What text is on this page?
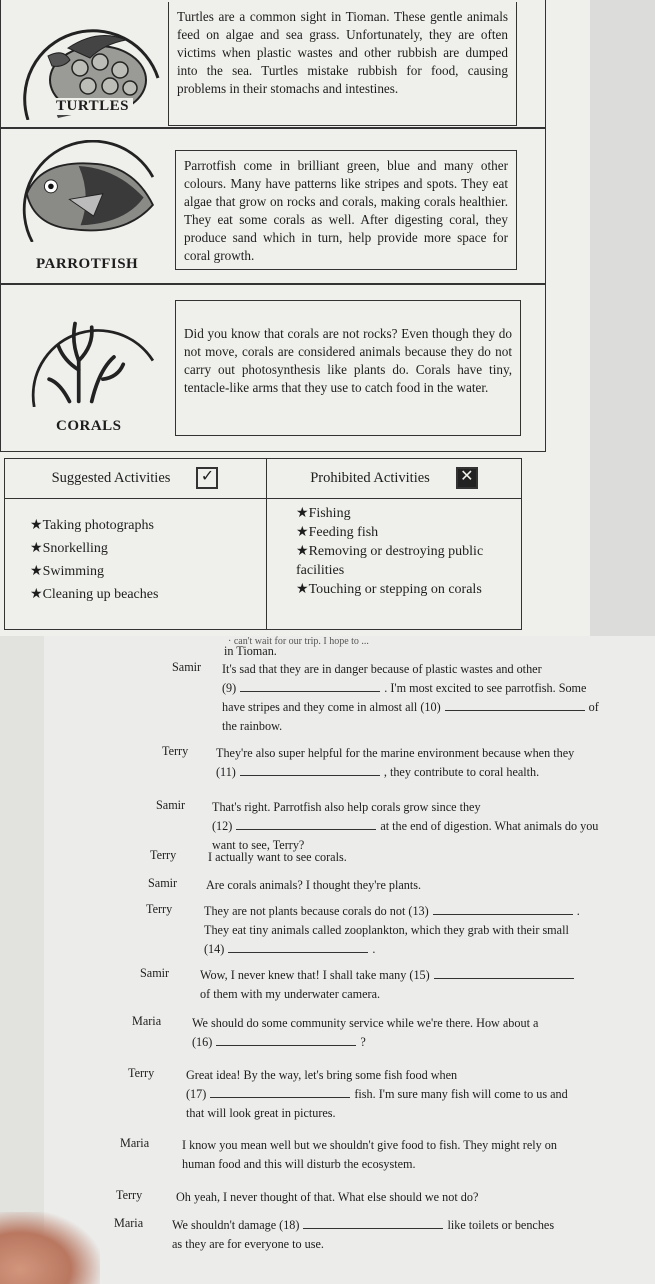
TURTLES
Turtles are a common sight in Tioman. These gentle animals feed on algae and sea grass. Unfortunately, they are often victims when plastic wastes and other rubbish are dumped into the sea. Turtles mistake rubbish for food, causing problems in their stomachs and intestines.
PARROTFISH
Parrotfish come in brilliant green, blue and many other colours. Many have patterns like stripes and spots. They eat algae that grow on rocks and corals, making corals healthier. They eat some corals as well. After digesting coral, they produce sand which in turn, help provide more space for coral growth.
CORALS
Did you know that corals are not rocks? Even though they do not move, corals are considered animals because they do not carry out photosynthesis like plants do. Corals have tiny, tentacle-like arms that they use to catch food in the water.
Suggested Activities ✓	Prohibited Activities ✕
★ Taking photographs
★ Snorkelling
★ Swimming
★ Cleaning up beaches
★ Fishing
★ Feeding fish
★ Removing or destroying public facilities
★ Touching or stepping on corals
· can't wait for our trip. I hope to ...
in Tioman.
Samir It's sad that they are in danger because of plastic wastes and other
(9)	. I'm most excited to see parrotfish. Some
have stripes and they come in almost all (10)	of
the rainbow.
Terry They're also super helpful for the marine environment because when they
(11)	, they contribute to coral health.
Samir That's right. Parrotfish also help corals grow since they
(12)	at the end of digestion. What animals do you
want to see, Terry?
Terry	I actually want to see corals.
Samir Are corals animals? I thought they're plants.
Terry	They are not plants because corals do not (13)	.
They eat tiny animals called zooplankton, which they grab with their small
(14)	.
Samir	Wow, I never knew that! I shall take many (15)
of them with my underwater camera.
Maria	We should do some community service while we're there. How about a
(16)	?
Terry	Great idea! By the way, let's bring some fish food when
(17)	fish. I'm sure many fish will come to us and
that will look great in pictures.
Maria	I know you mean well but we shouldn't give food to fish. They might rely on
human food and this will disturb the ecosystem.
Terry	Oh yeah, I never thought of that. What else should we not do?
Maria We shouldn't damage (18)	like toilets or benches
as they are for everyone to use.
